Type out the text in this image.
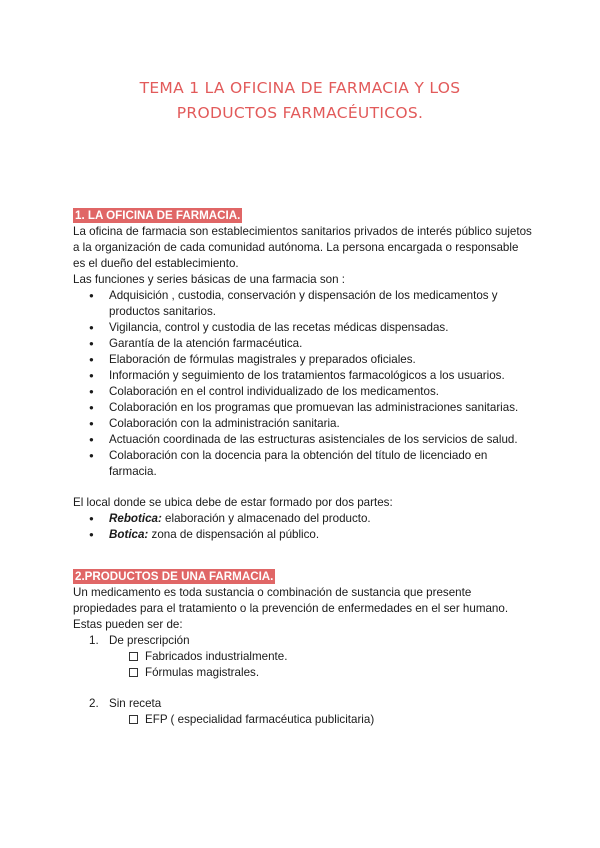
TEMA 1 LA OFICINA DE FARMACIA Y LOS
PRODUCTOS FARMACÉUTICOS.
1. LA OFICINA DE FARMACIA.

La oficina de farmacia son establecimientos sanitarios privados de interés público sujetos a la organización de cada comunidad autónoma. La persona encargada o responsable es el dueño del establecimiento.

Las funciones y series básicas de una farmacia son :

● Adquisición , custodia, conservación y dispensación de los medicamentos y productos sanitarios.
● Vigilancia, control y custodia de las recetas médicas dispensadas.
● Garantía de la atención farmacéutica.
● Elaboración de fórmulas magistrales y preparados oficiales.
● Información y seguimiento de los tratamientos farmacológicos a los usuarios.
● Colaboración en el control individualizado de los medicamentos.
● Colaboración en los programas que promuevan las administraciones sanitarias.
● Colaboración con la administración sanitaria.
● Actuación coordinada de las estructuras asistenciales de los servicios de salud.
● Colaboración con la docencia para la obtención del título de licenciado en farmacia.

El local donde se ubica debe de estar formado por dos partes:

● Rebotica: elaboración y almacenado del producto.
● Botica: zona de dispensación al público.
2.PRODUCTOS DE UNA FARMACIA.

Un medicamento es toda sustancia o combinación de sustancia que presente propiedades para el tratamiento o la prevención de enfermedades en el ser humano. Estas pueden ser de:

1. De prescripción
Fabricados industrialmente.
Fórmulas magistrales.
2. Sin receta
EFP ( especialidad farmacéutica publicitaria)
